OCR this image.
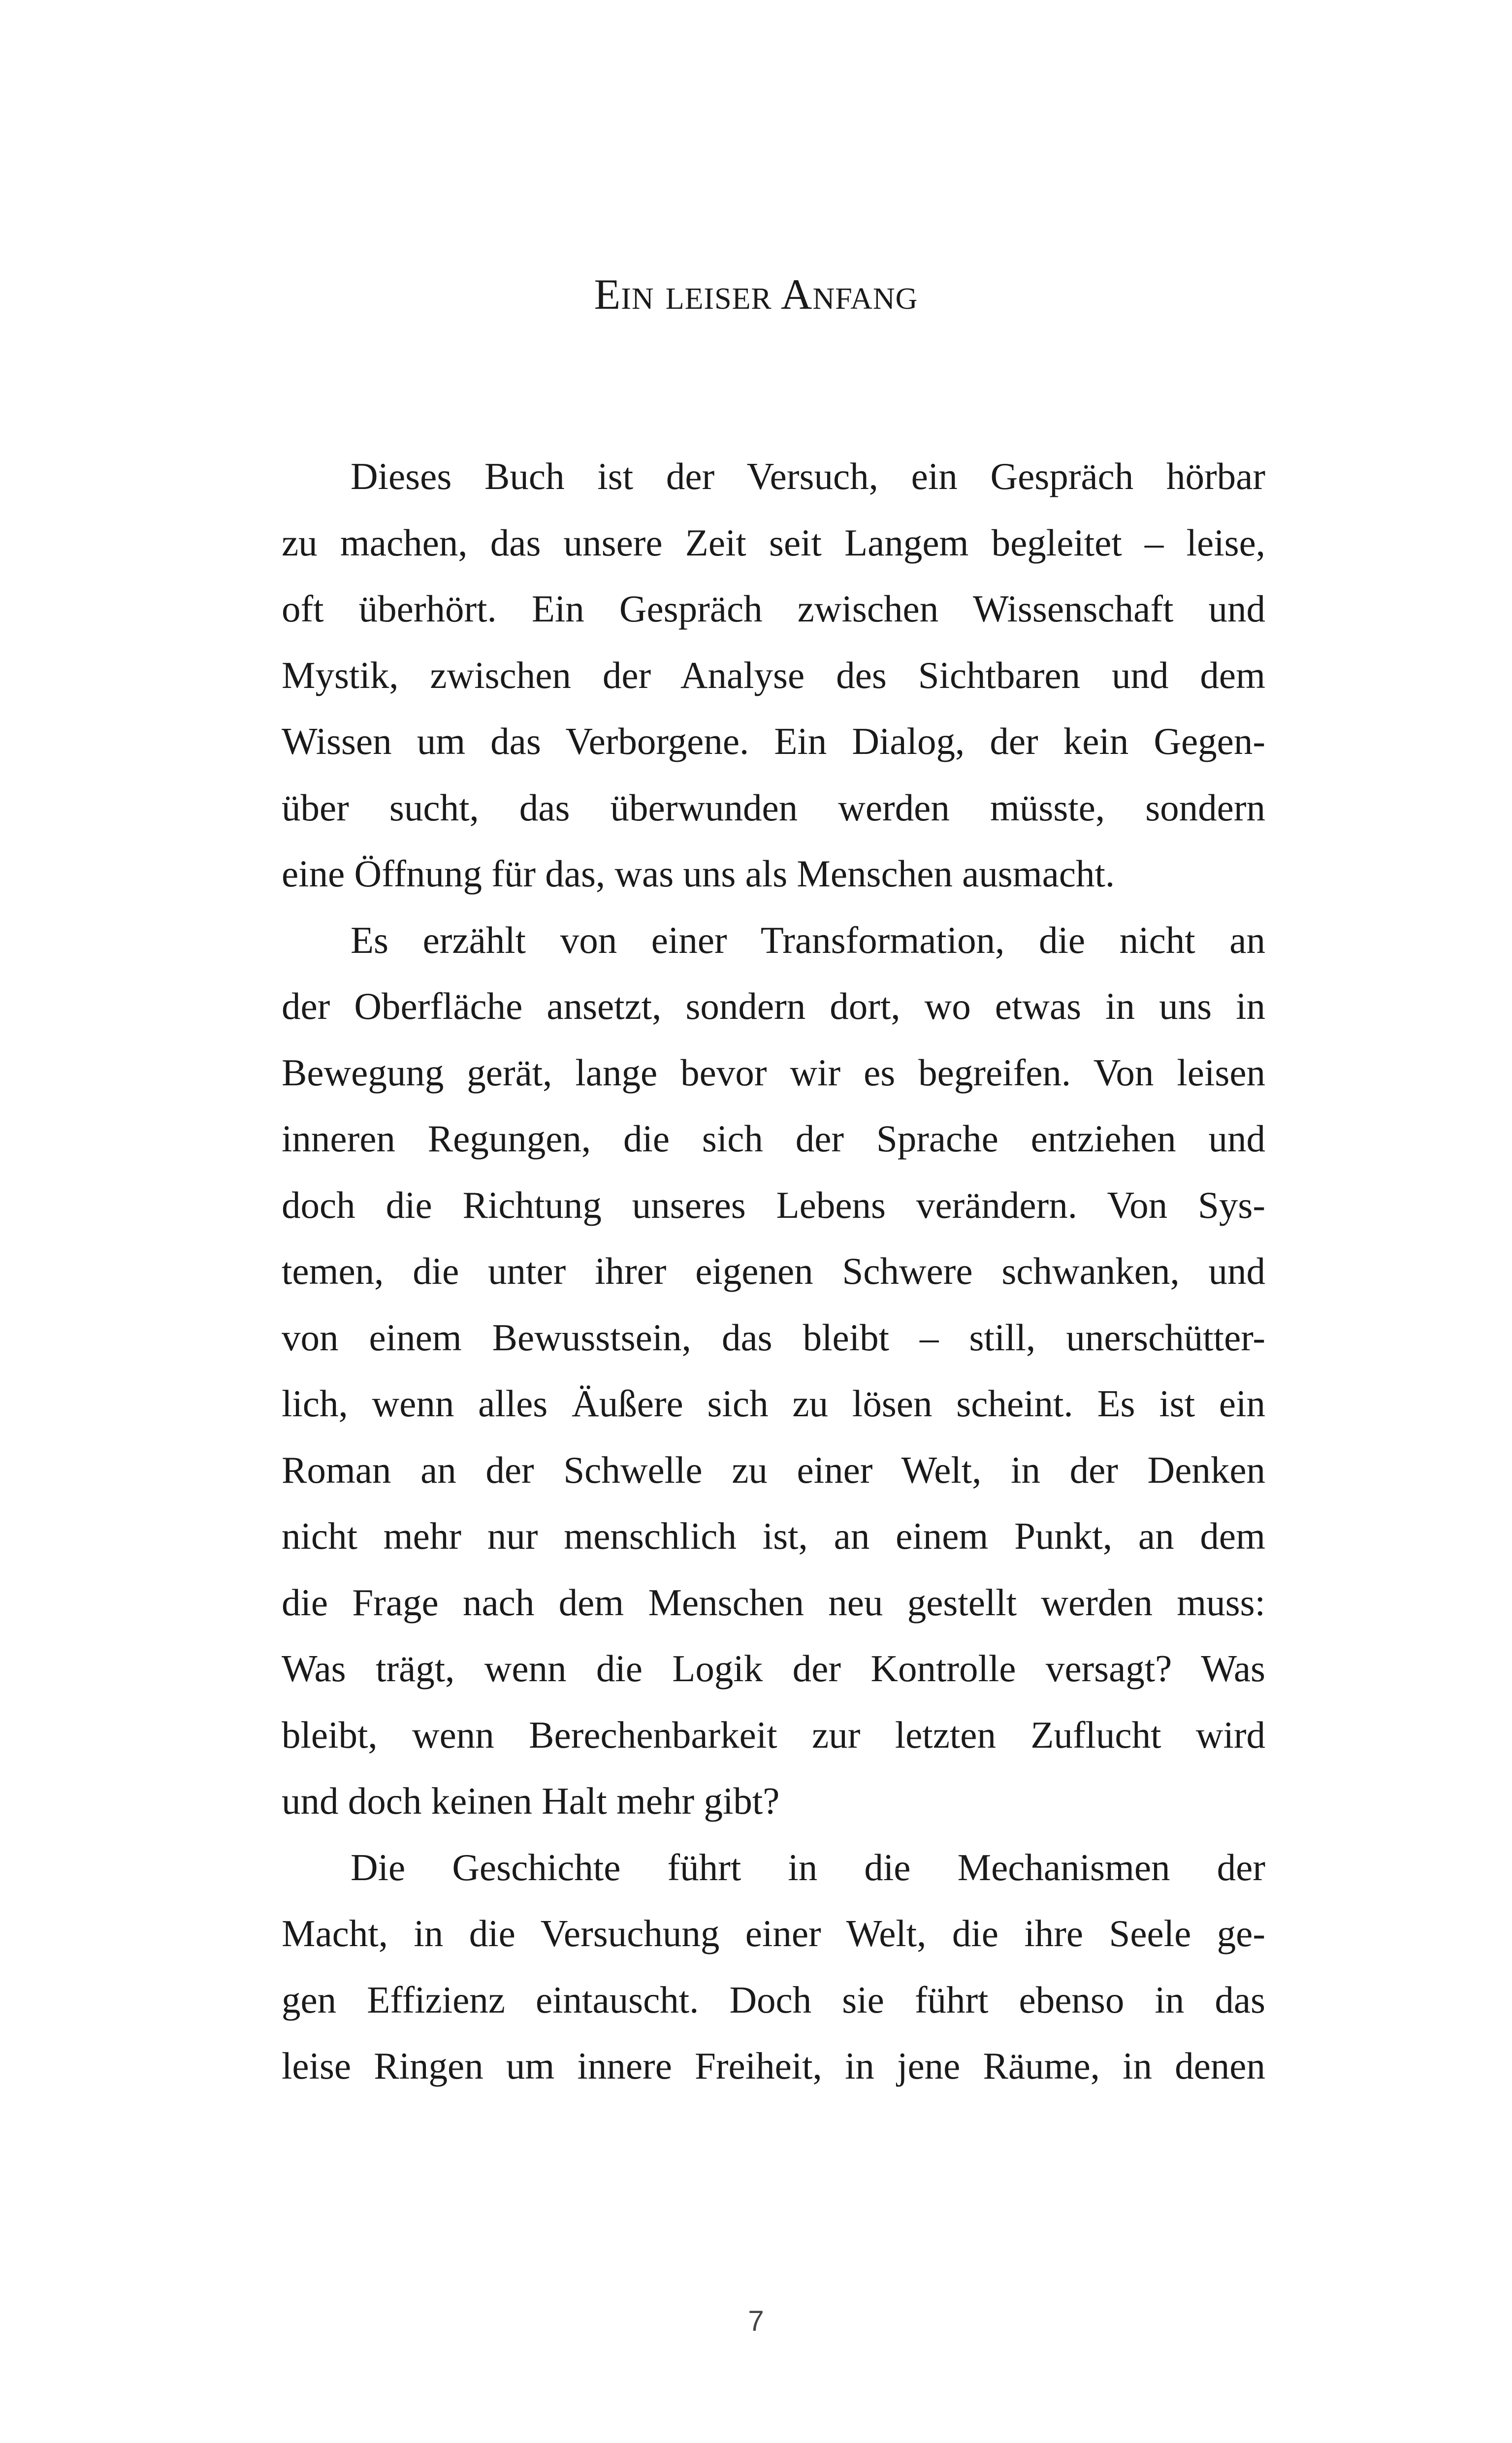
Ein leiser Anfang
Dieses Buch ist der Versuch, ein Gespräch hörbar
zu machen, das unsere Zeit seit Langem begleitet – leise,
oft überhört. Ein Gespräch zwischen Wissenschaft und
Mystik, zwischen der Analyse des Sichtbaren und dem
Wissen um das Verborgene. Ein Dialog, der kein Gegen-
über sucht, das überwunden werden müsste, sondern
eine Öffnung für das, was uns als Menschen ausmacht.
Es erzählt von einer Transformation, die nicht an
der Oberfläche ansetzt, sondern dort, wo etwas in uns in
Bewegung gerät, lange bevor wir es begreifen. Von leisen
inneren Regungen, die sich der Sprache entziehen und
doch die Richtung unseres Lebens verändern. Von Sys-
temen, die unter ihrer eigenen Schwere schwanken, und
von einem Bewusstsein, das bleibt – still, unerschütter-
lich, wenn alles Äußere sich zu lösen scheint. Es ist ein
Roman an der Schwelle zu einer Welt, in der Denken
nicht mehr nur menschlich ist, an einem Punkt, an dem
die Frage nach dem Menschen neu gestellt werden muss:
Was trägt, wenn die Logik der Kontrolle versagt? Was
bleibt, wenn Berechenbarkeit zur letzten Zuflucht wird
und doch keinen Halt mehr gibt?
Die Geschichte führt in die Mechanismen der
Macht, in die Versuchung einer Welt, die ihre Seele ge-
gen Effizienz eintauscht. Doch sie führt ebenso in das
leise Ringen um innere Freiheit, in jene Räume, in denen

7
